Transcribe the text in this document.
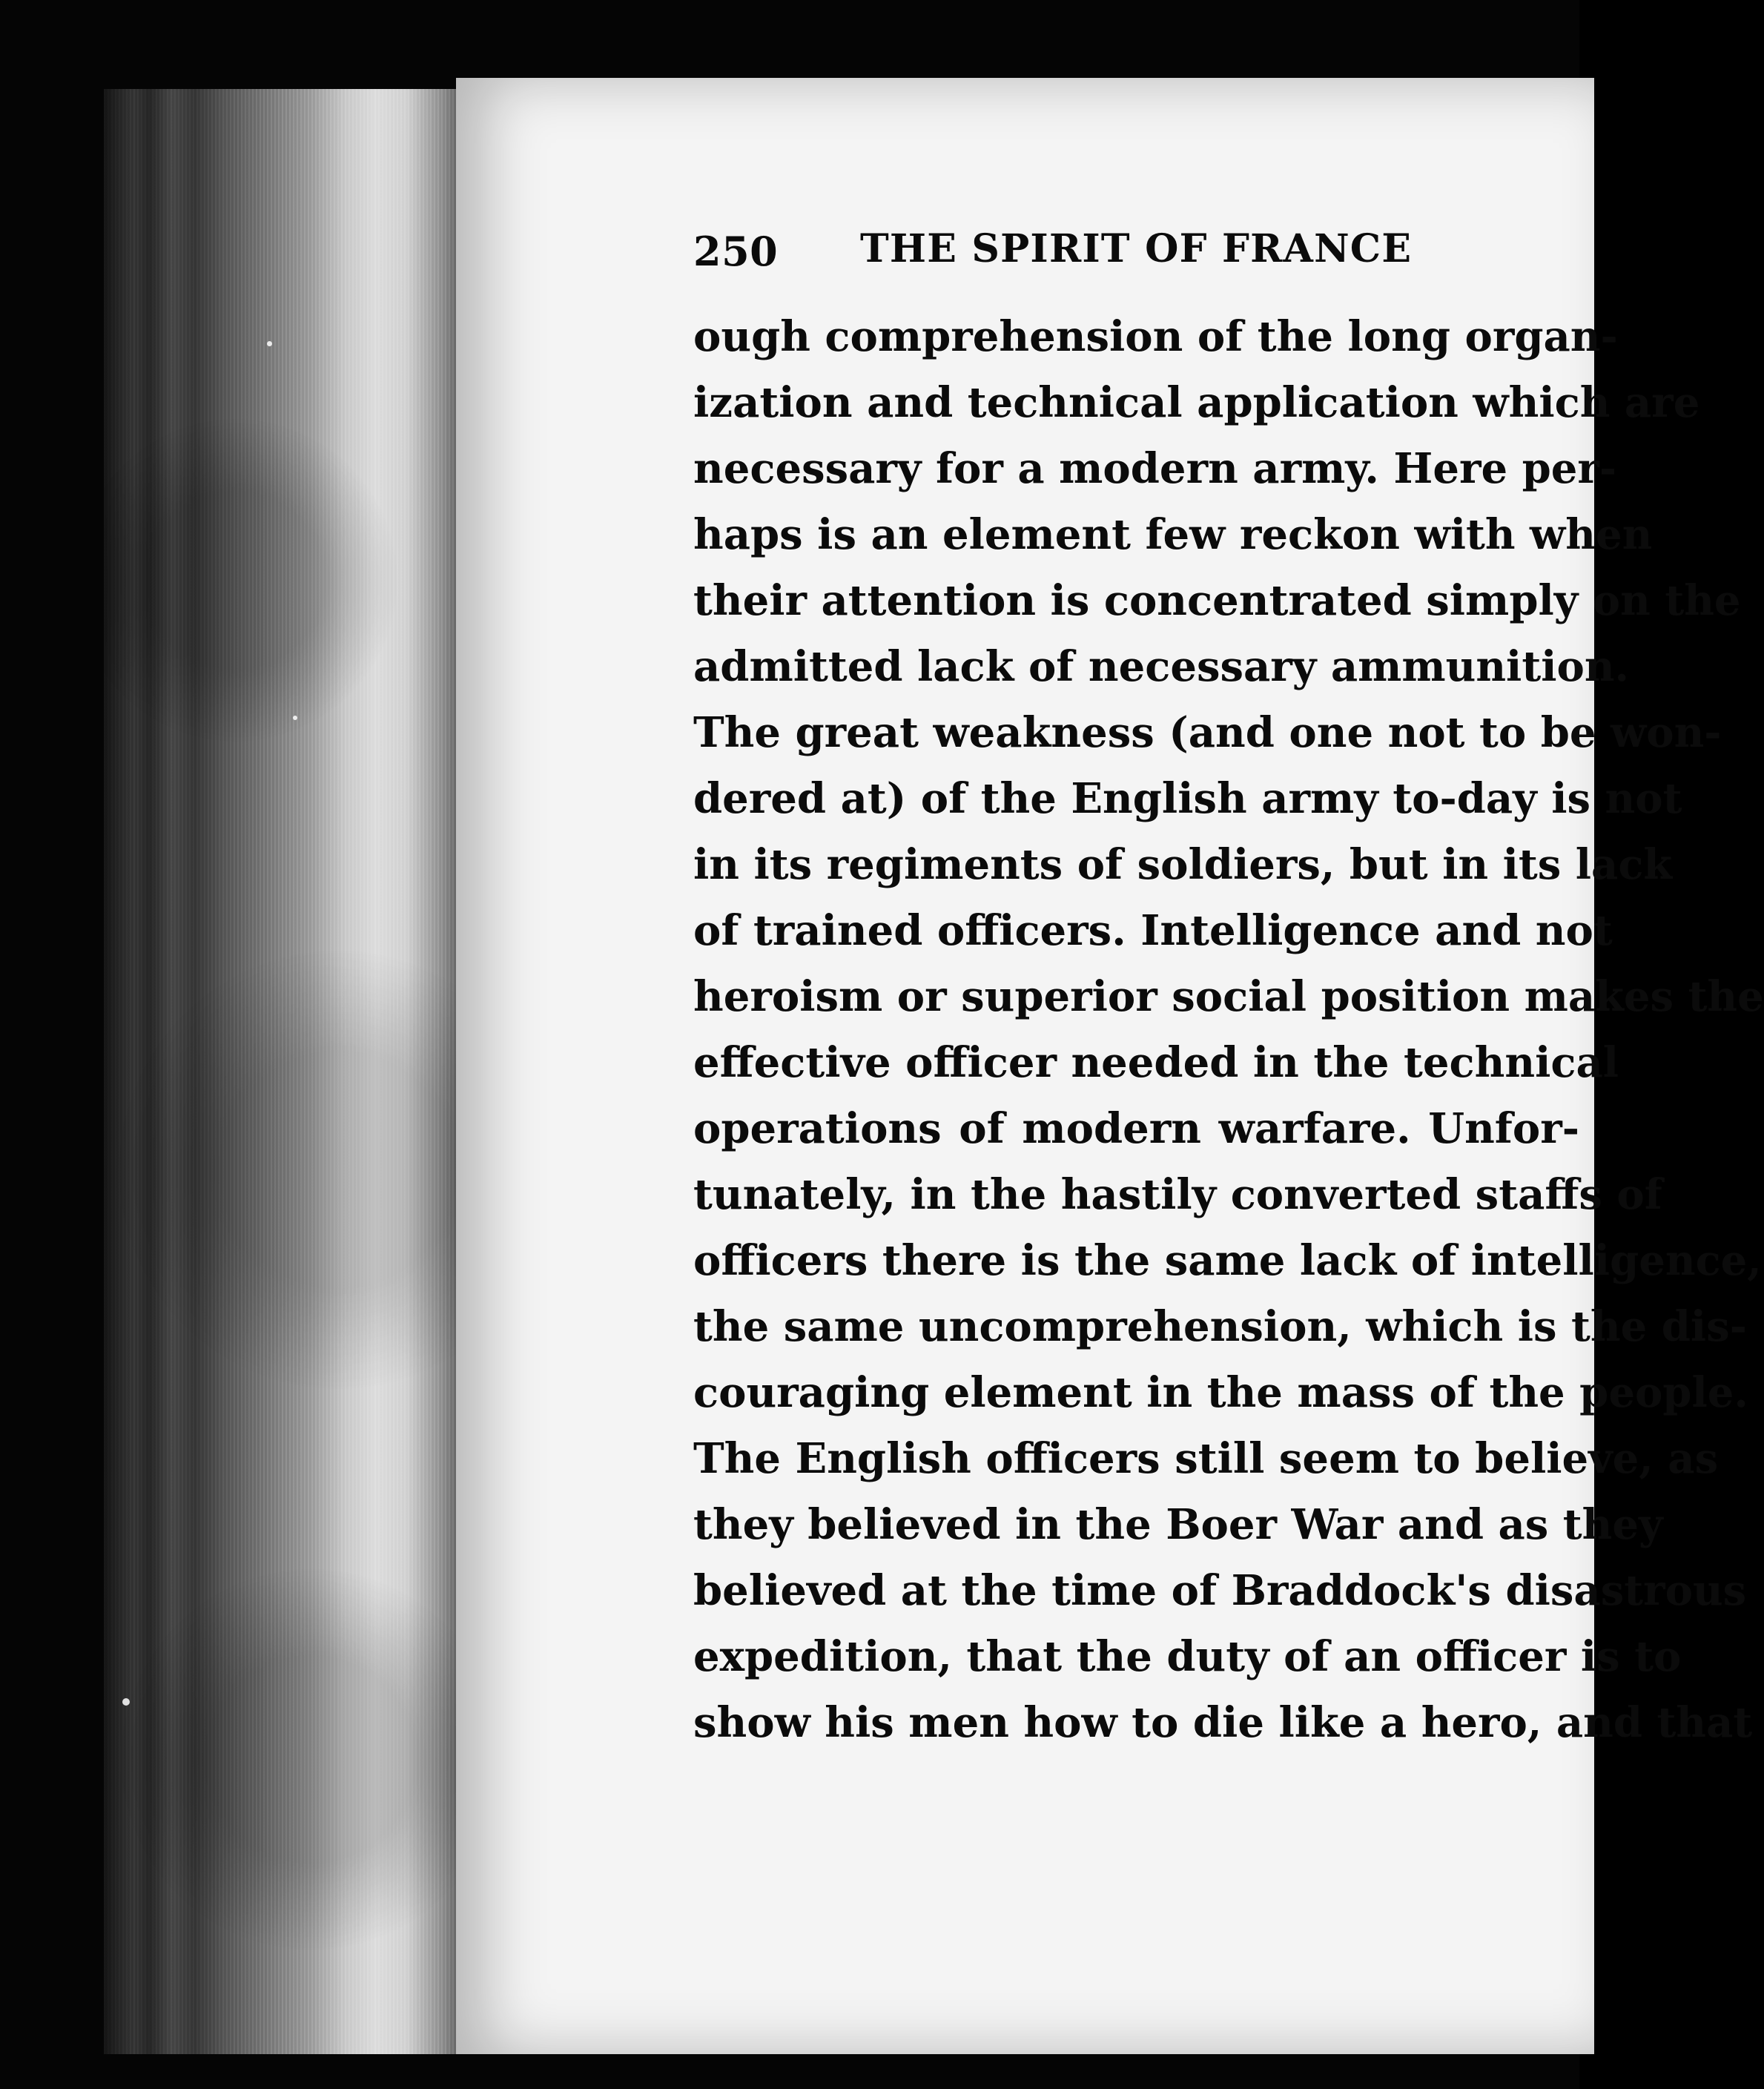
250 THE SPIRIT OF FRANCE
ough comprehension of the long organ-
ization and technical application which are
necessary for a modern army. Here per-
haps is an element few reckon with when
their attention is concentrated simply on the
admitted lack of necessary ammunition.
The great weakness (and one not to be won-
dered at) of the English army to-day is not
in its regiments of soldiers, but in its lack
of trained officers. Intelligence and not
heroism or superior social position makes the
effective officer needed in the technical
operations of modern warfare. Unfor-
tunately, in the hastily converted staffs of
officers there is the same lack of intelligence,
the same uncomprehension, which is the dis-
couraging element in the mass of the people.
The English officers still seem to believe, as
they believed in the Boer War and as they
believed at the time of Braddock's disastrous
expedition, that the duty of an officer is to
show his men how to die like a hero, and that
